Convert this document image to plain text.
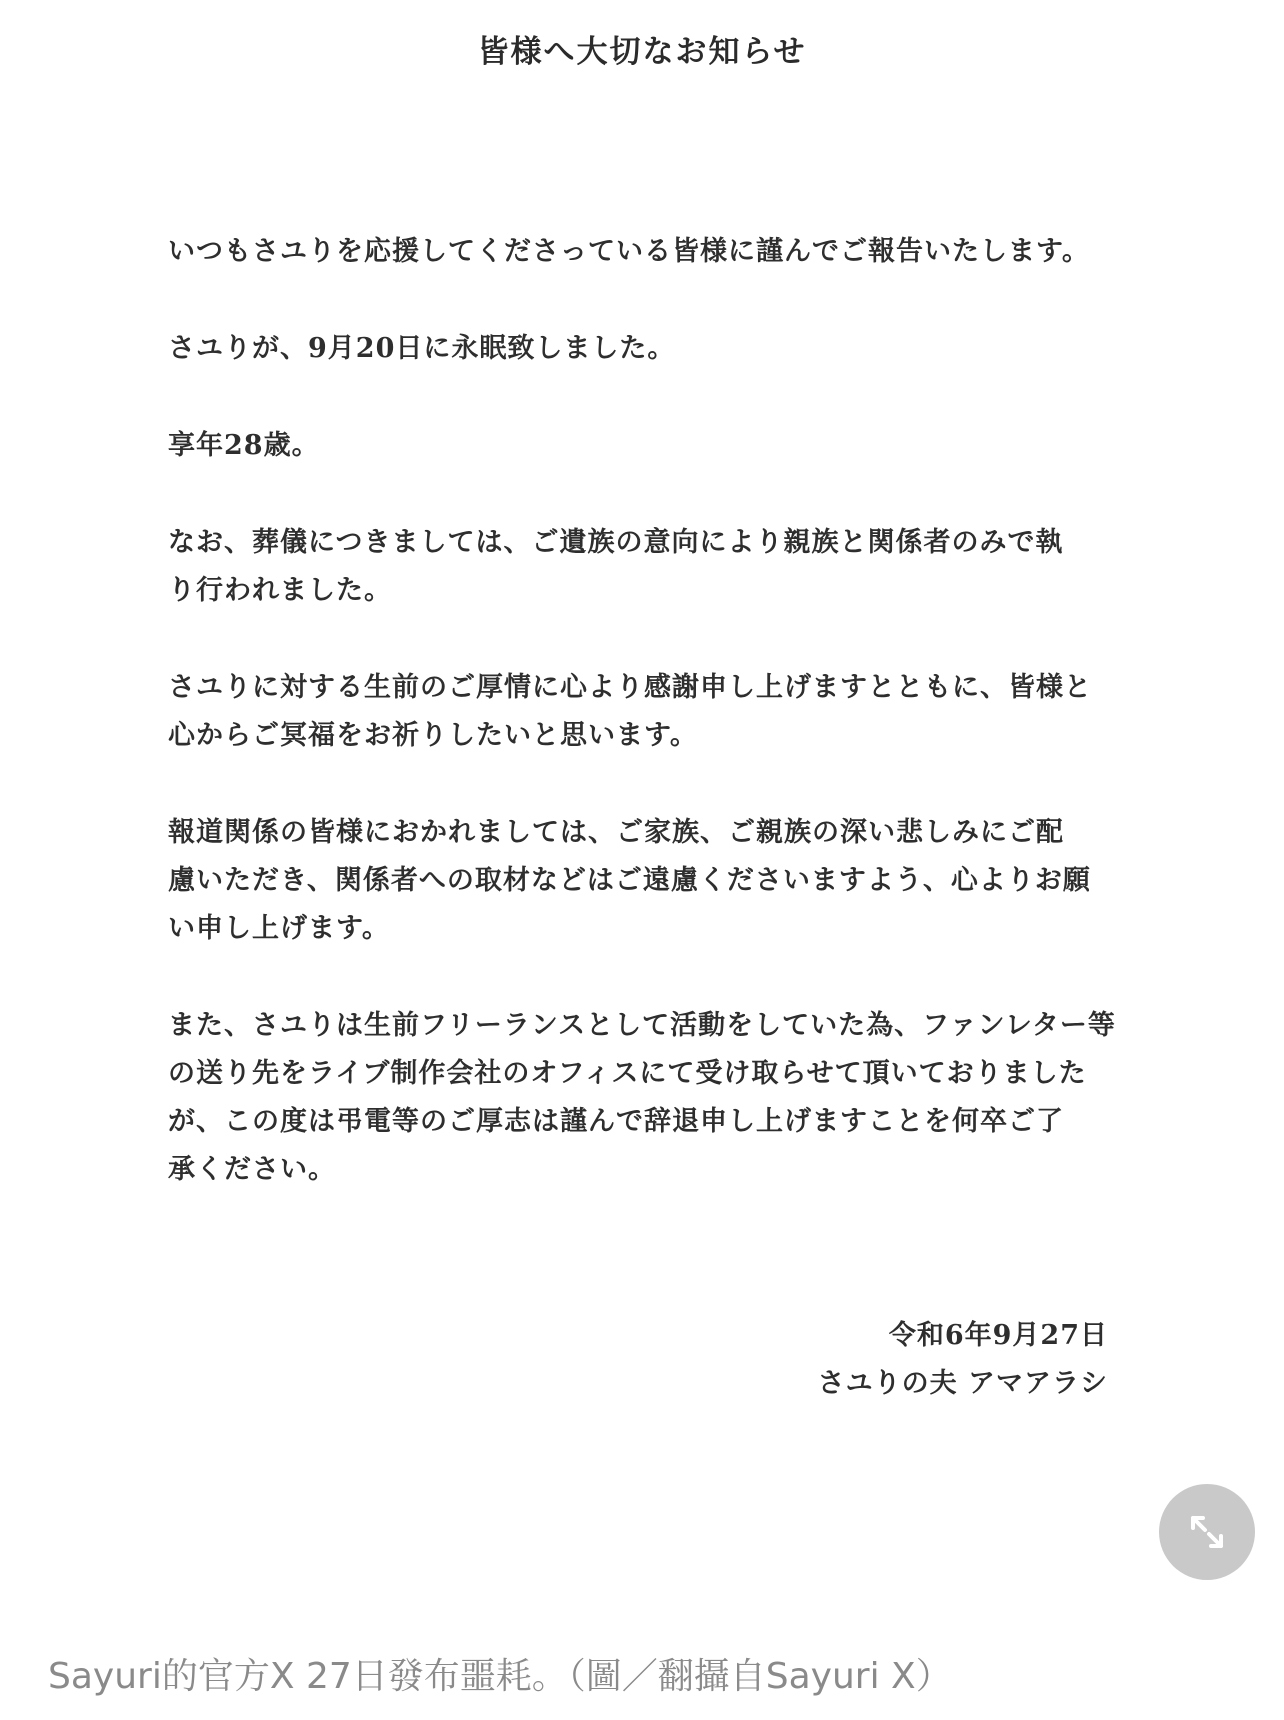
皆様へ大切なお知らせ

いつもさユりを応援してくださっている皆様に謹んでご報告いたします。

さユりが、9月20日に永眠致しました。

享年28歳。

なお、葬儀につきましては、ご遺族の意向により親族と関係者のみで執
り行われました。

さユりに対する生前のご厚情に心より感謝申し上げますとともに、皆様と
心からご冥福をお祈りしたいと思います。

報道関係の皆様におかれましては、ご家族、ご親族の深い悲しみにご配
慮いただき、関係者への取材などはご遠慮くださいますよう、心よりお願
い申し上げます。

また、さユりは生前フリーランスとして活動をしていた為、ファンレター等
の送り先をライブ制作会社のオフィスにて受け取らせて頂いておりました
が、この度は弔電等のご厚志は謹んで辞退申し上げますことを何卒ご了
承ください。

令和6年9月27日
さユりの夫 アマアラシ
Sayuri的官方X 27日發布噩耗。（圖／翻攝自Sayuri X）
